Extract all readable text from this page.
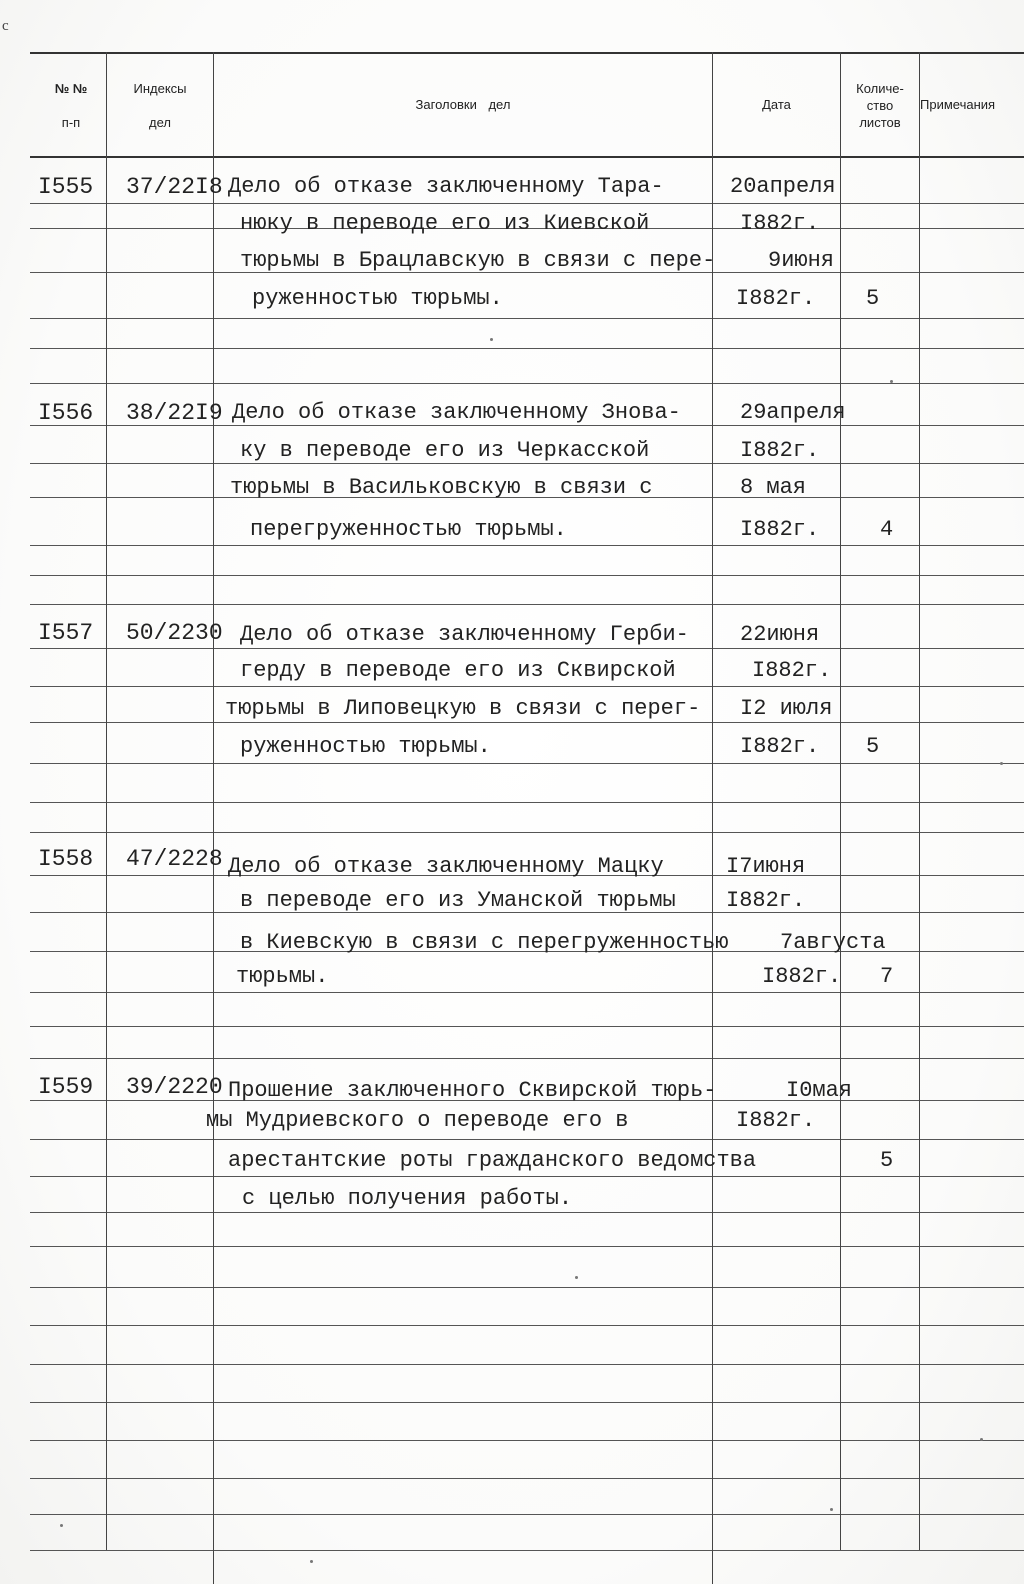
c
№ №
п-п
Индексы
дел
Заголовки дел	Дата
Количе-
ство
листов
Примечания
I555 37/22I8 Дело об отказе заключенному Тара-
нюку в переводе его из Киевской
тюрьмы в Брацлавскую в связи с пере-
руженностью тюрьмы.
20апреля
I882г.
9июня
I882г. 5
I556 38/22I9 Дело об отказе заключенному Знова-
ку в переводе его из Черкасской
тюрьмы в Васильковскую в связи с
перегруженностью тюрьмы.
29апреля
I882г.
8 мая
I882г.	4
I557 50/2230 Дело об отказе заключенному Герби-
герду в переводе его из Сквирской
тюрьмы в Липовецкую в связи с перег-
руженностью тюрьмы.
22июня
I882г.
I2 июля
I882г. 5
I558 47/2228 Дело об отказе заключенному Мацку
в переводе его из Уманской тюрьмы
в Киевскую в связи с перегруженностью
тюрьмы.
I7июня
I882г.
7августа
I882г. 7
I559 39/2220 Прошение заключенного Сквирской тюрь-
мы Мудриевского о переводе его в
арестантские роты гражданского ведомства
с целью получения работы.
I0мая
I882г.
5
